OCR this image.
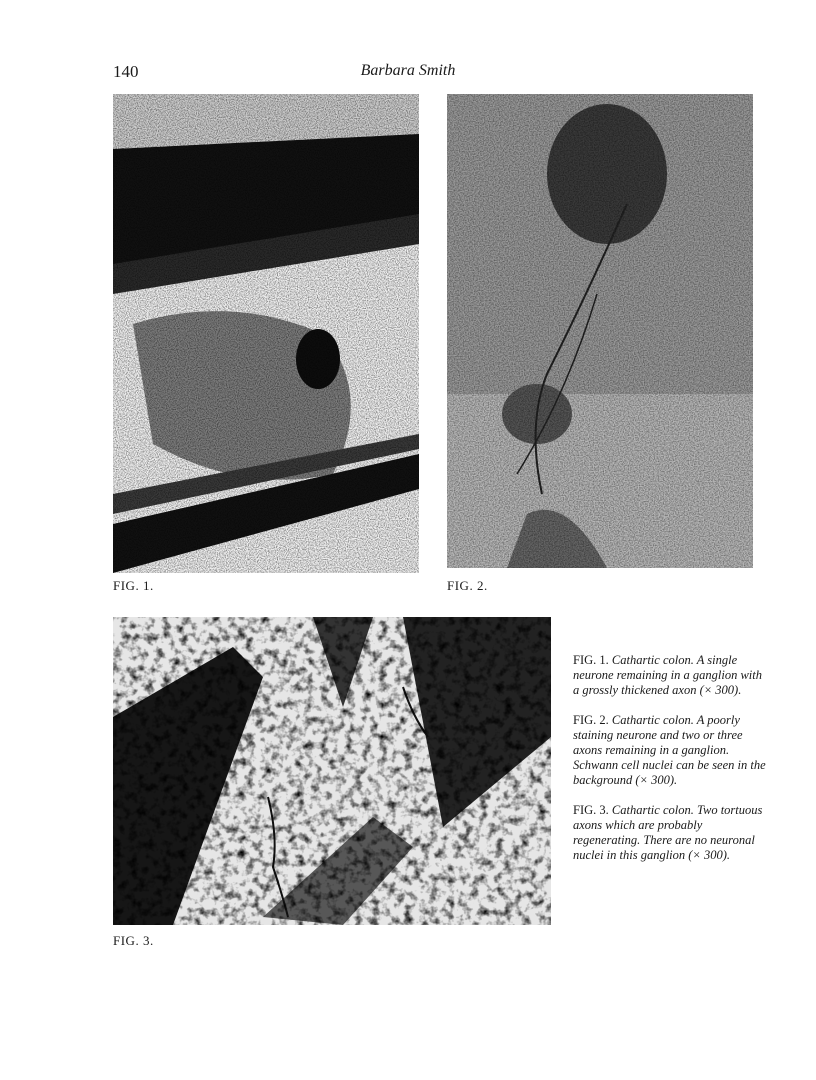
140	Barbara Smith
FIG. 1.	FIG. 2.
FIG. 3.

FIG. 1. Cathartic colon. A single neurone remaining in a ganglion with a grossly thickened axon (× 300).

FIG. 2. Cathartic colon. A poorly staining neurone and two or three axons remaining in a ganglion. Schwann cell nuclei can be seen in the background (× 300).

FIG. 3. Cathartic colon. Two tortuous axons which are probably regenerating. There are no neuronal nuclei in this ganglion (× 300).
